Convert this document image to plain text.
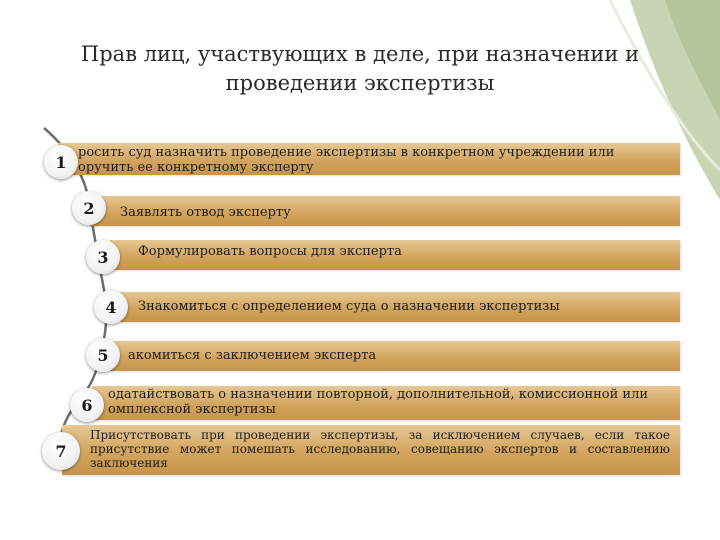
Прав лиц, участвующих в деле, при назначении и
проведении экспертизы
росить суд назначить проведение экспертизы в конкретном учреждении или
оручить ее конкретному эксперту
1
Заявлять отвод эксперту
2
Формулировать вопросы для эксперта
3
Знакомиться с определением суда о назначении экспертизы
4
акомиться с заключением эксперта
5
одатайствовать о назначении повторной, дополнительной, комиссионной или
омплексной экспертизы
6
Присутствовать при проведении экспертизы, за исключением случаев, если такое присутствие может помешать исследованию, совещанию экспертов и составлению заключения
7
